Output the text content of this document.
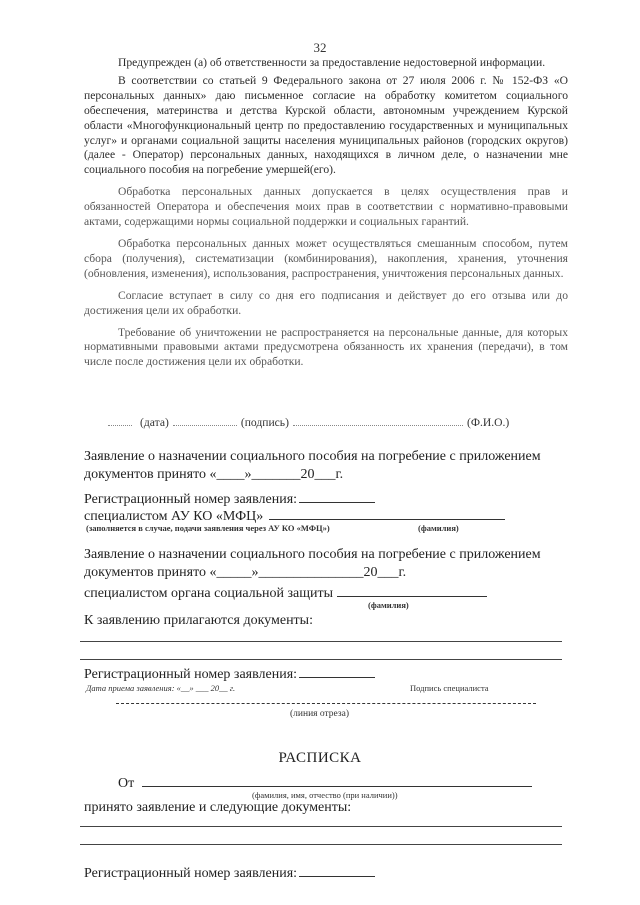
32

Предупрежден (а) об ответственности за предоставление недостоверной информации.

В соответствии со статьей 9 Федерального закона от 27 июля 2006 г. № 152-ФЗ «О персональных данных» даю письменное согласие на обработку комитетом социального обеспечения, материнства и детства Курской области, автономным учреждением Курской области «Многофункциональный центр по предоставлению государственных и муниципальных услуг» и органами социальной защиты населения муниципальных районов (городских округов) (далее - Оператор) персональных данных, находящихся в личном деле, о назначении мне социального пособия на погребение умершей(его).

Обработка персональных данных допускается в целях осуществления прав и обязанностей Оператора и обеспечения моих прав в соответствии с нормативно-правовыми актами, содержащими нормы социальной поддержки и социальных гарантий.

Обработка персональных данных может осуществляться смешанным способом, путем сбора (получения), систематизации (комбинирования), накопления, хранения, уточнения (обновления, изменения), использования, распространения, уничтожения персональных данных.

Согласие вступает в силу со дня его подписания и действует до его отзыва или до достижения цели их обработки.

Требование об уничтожении не распространяется на персональные данные, для которых нормативными правовыми актами предусмотрена обязанность их хранения (передачи), в том числе после достижения цели их обработки.

(дата)	(подпись)	(Ф.И.О.)
Заявление о назначении социального пособия на погребение с приложением документов принято «____»_______20___г.
Регистрационный номер заявления:
специалистом АУ КО «МФЦ»
(заполняется в случае, подачи заявления через АУ КО «МФЦ»)	(фамилия)
Заявление о назначении социального пособия на погребение с приложением документов принято «_____»_______________20___г.
специалистом органа социальной защиты
(фамилия)
К заявлению прилагаются документы:
Регистрационный номер заявления:
Дата приема заявления: «__» ___ 20__ г.	Подпись специалиста
(линия отреза)
РАСПИСКА
От
(фамилия, имя, отчество (при наличии))
принято заявление и следующие документы:
Регистрационный номер заявления:
